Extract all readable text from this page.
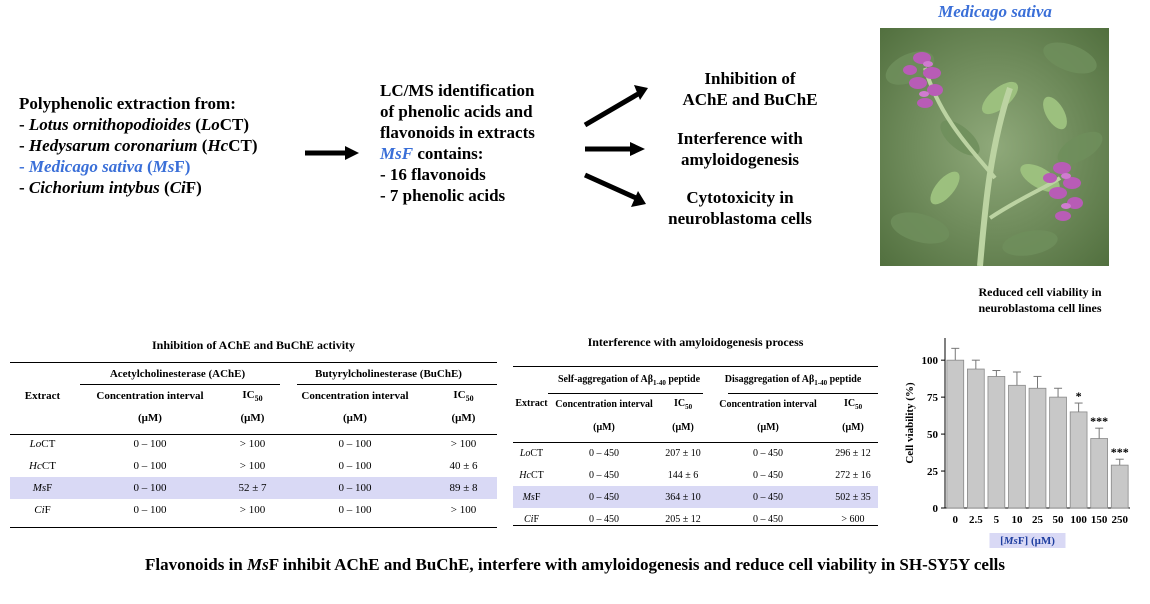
Polyphenolic extraction from:
- Lotus ornithopodioides (LoCT)
- Hedysarum coronarium (HcCT)
- Medicago sativa (MsF)
- Cichorium intybus (CiF)
LC/MS identification
of phenolic acids and
flavonoids in extracts
MsF contains:
- 16 flavonoids
- 7 phenolic acids
Inhibition of
AChE and BuChE
Interference with
amyloidogenesis
Cytotoxicity in
neuroblastoma cells
Medicago sativa
Inhibition of AChE and BuChE activity
Extract	Acetylcholinesterase (AChE)		Butyrylcholinesterase (BuChE)	
	Concentration interval	$IC_{50}$	Concentration interval	$IC_{50}$
	(μM)	(μM)	(μM)	(μM)

LoCT	0 – 100	> 100	0 – 100	> 100
HcCT	0 – 100	> 100	0 – 100	40 ± 6
MsF	0 – 100	52 ± 7	0 – 100	89 ± 8
CiF	0 – 100	> 100	0 – 100	> 100
Interference with amyloidogenesis process
Extract	Self-aggregation of $A\beta_{1-40}$ peptide		Disaggregation of $A\beta_{1-40}$ peptide	
	Concentration interval	$IC_{50}$	Concentration interval	$IC_{50}$
	(μM)	(μM)	(μM)	(μM)

LoCT	0 – 450	207 ± 10	0 – 450	296 ± 12
HcCT	0 – 450	144 ± 6	0 – 450	272 ± 16
MsF	0 – 450	364 ± 10	0 – 450	502 ± 35
CiF	0 – 450	205 ± 12	0 – 450	> 600
Reduced cell viability in neuroblastoma cell lines
0
25
50
75
100
Cell viability (%)
0 2.5 5 10 25 50
*
100
***
150
***
250
[MsF] (μM)
Flavonoids in MsF inhibit AChE and BuChE, interfere with amyloidogenesis and reduce cell viability in SH-SY5Y cells
